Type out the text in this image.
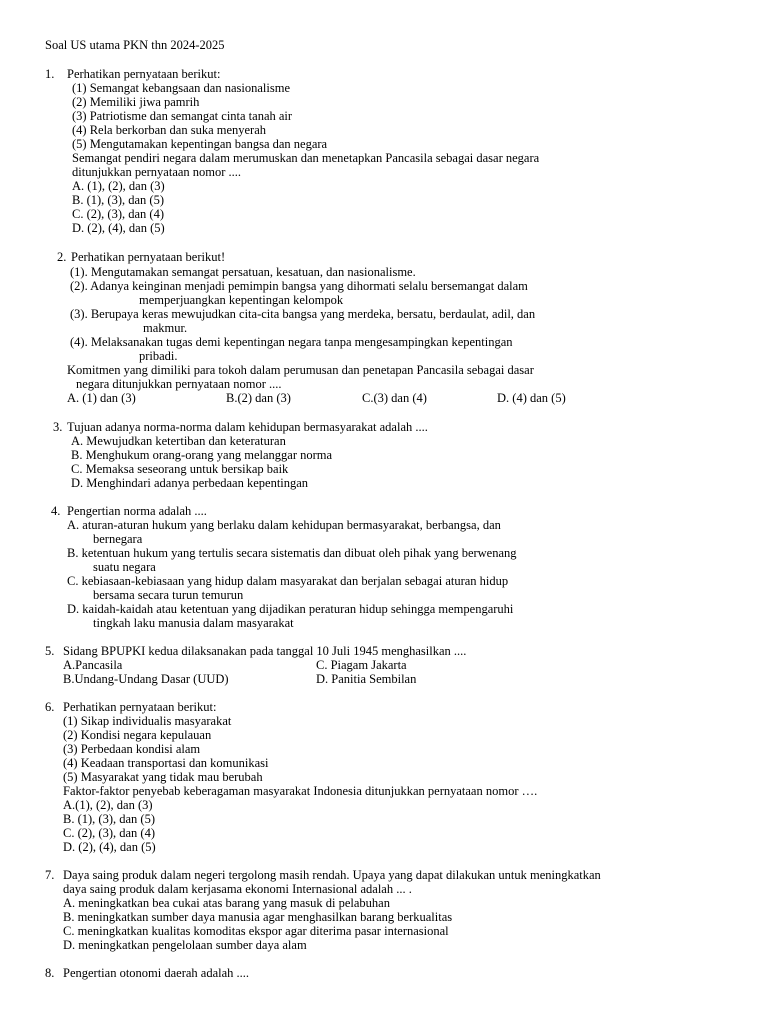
Soal US utama PKN thn 2024-2025
1. Perhatikan pernyataan berikut:
(1) Semangat kebangsaan dan nasionalisme
(2) Memiliki jiwa pamrih
(3) Patriotisme dan semangat cinta tanah air
(4) Rela berkorban dan suka menyerah
(5) Mengutamakan kepentingan bangsa dan negara
Semangat pendiri negara dalam merumuskan dan menetapkan Pancasila sebagai dasar negara
ditunjukkan pernyataan nomor ....
A. (1), (2), dan (3)
B. (1), (3), dan (5)
C. (2), (3), dan (4)
D. (2), (4), dan (5)
2. Perhatikan pernyataan berikut!
(1). Mengutamakan semangat persatuan, kesatuan, dan nasionalisme.
(2). Adanya keinginan menjadi pemimpin bangsa yang dihormati selalu bersemangat dalam
memperjuangkan kepentingan kelompok
(3). Berupaya keras mewujudkan cita-cita bangsa yang merdeka, bersatu, berdaulat, adil, dan
makmur.
(4). Melaksanakan tugas demi kepentingan negara tanpa mengesampingkan kepentingan
pribadi.
Komitmen yang dimiliki para tokoh dalam perumusan dan penetapan Pancasila sebagai dasar
negara ditunjukkan pernyataan nomor ....
A. (1) dan (3)	B.(2) dan (3)	C.(3) dan (4)	D. (4) dan (5)
3. Tujuan adanya norma-norma dalam kehidupan bermasyarakat adalah ....
A. Mewujudkan ketertiban dan keteraturan
B. Menghukum orang-orang yang melanggar norma
C. Memaksa seseorang untuk bersikap baik
D. Menghindari adanya perbedaan kepentingan
4. Pengertian norma adalah ....
A. aturan-aturan hukum yang berlaku dalam kehidupan bermasyarakat, berbangsa, dan
bernegara
B. ketentuan hukum yang tertulis secara sistematis dan dibuat oleh pihak yang berwenang
suatu negara
C. kebiasaan-kebiasaan yang hidup dalam masyarakat dan berjalan sebagai aturan hidup
bersama secara turun temurun
D. kaidah-kaidah atau ketentuan yang dijadikan peraturan hidup sehingga mempengaruhi
tingkah laku manusia dalam masyarakat
5. Sidang BPUPKI kedua dilaksanakan pada tanggal 10 Juli 1945 menghasilkan ....
A.Pancasila	C. Piagam Jakarta
B.Undang-Undang Dasar (UUD)	D. Panitia Sembilan
6. Perhatikan pernyataan berikut:
(1) Sikap individualis masyarakat
(2) Kondisi negara kepulauan
(3) Perbedaan kondisi alam
(4) Keadaan transportasi dan komunikasi
(5) Masyarakat yang tidak mau berubah
Faktor-faktor penyebab keberagaman masyarakat Indonesia ditunjukkan pernyataan nomor ….
A.(1), (2), dan (3)
B. (1), (3), dan (5)
C. (2), (3), dan (4)
D. (2), (4), dan (5)
7. Daya saing produk dalam negeri tergolong masih rendah. Upaya yang dapat dilakukan untuk meningkatkan
daya saing produk dalam kerjasama ekonomi Internasional adalah ... .
A. meningkatkan bea cukai atas barang yang masuk di pelabuhan
B. meningkatkan sumber daya manusia agar menghasilkan barang berkualitas
C. meningkatkan kualitas komoditas ekspor agar diterima pasar internasional
D. meningkatkan pengelolaan sumber daya alam
8. Pengertian otonomi daerah adalah ....
